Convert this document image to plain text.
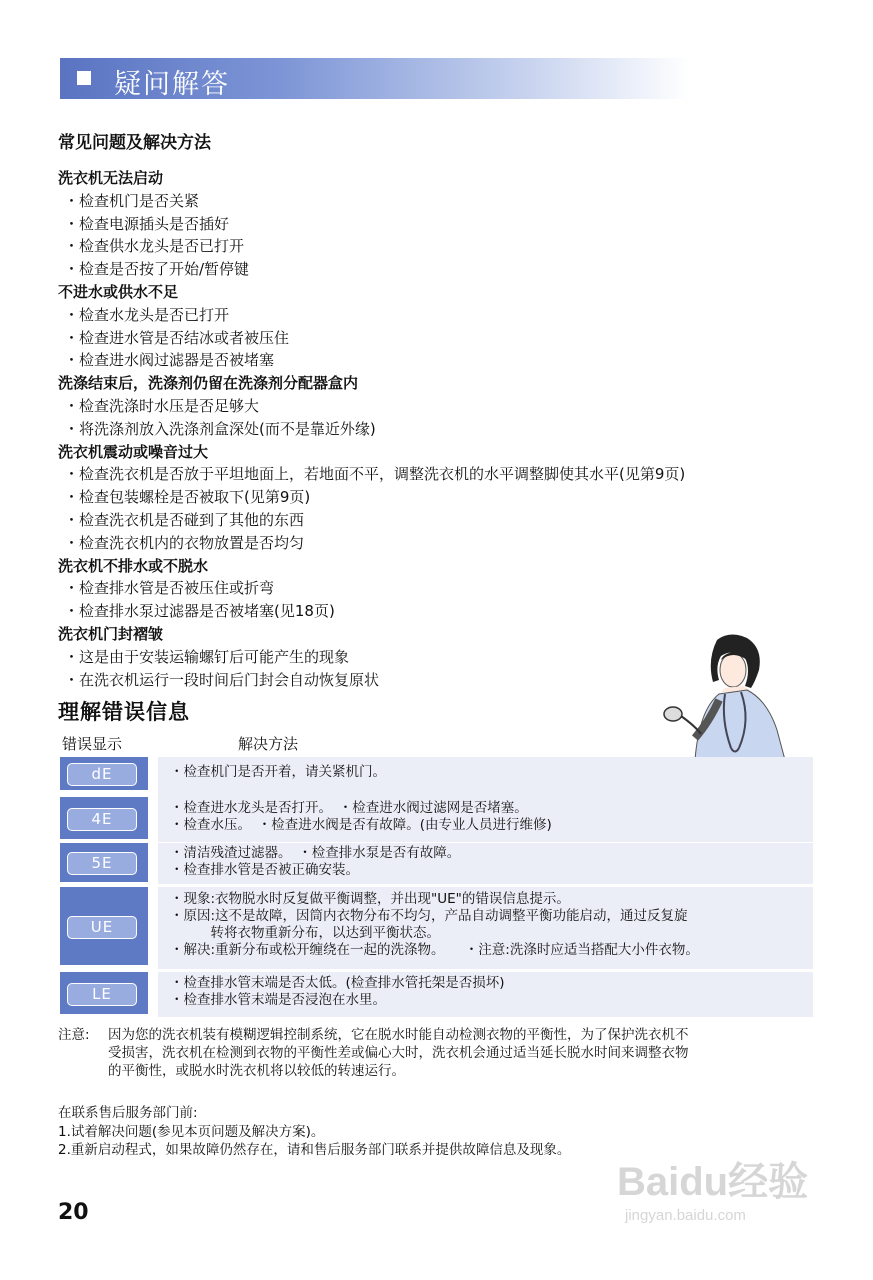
疑问解答
常见问题及解决方法
洗衣机无法启动
・检查机门是否关紧
・检查电源插头是否插好
・检查供水龙头是否已打开
・检查是否按了开始/暂停键
不进水或供水不足
・检查水龙头是否已打开
・检查进水管是否结冰或者被压住
・检查进水阀过滤器是否被堵塞
洗涤结束后，洗涤剂仍留在洗涤剂分配器盒内
・检查洗涤时水压是否足够大
・将洗涤剂放入洗涤剂盒深处(而不是靠近外缘)
洗衣机震动或噪音过大
・检查洗衣机是否放于平坦地面上，若地面不平，调整洗衣机的水平调整脚使其水平(见第9页)
・检查包装螺栓是否被取下(见第9页)
・检查洗衣机是否碰到了其他的东西
・检查洗衣机内的衣物放置是否均匀
洗衣机不排水或不脱水
・检查排水管是否被压住或折弯
・检查排水泵过滤器是否被堵塞(见18页)
洗衣机门封褶皱
・这是由于安装运输螺钉后可能产生的现象
・在洗衣机运行一段时间后门封会自动恢复原状
理解错误信息
错误显示	解决方法
dE	・检查机门是否开着，请关紧机门。
4E
・检查进水龙头是否打开。　・检查进水阀过滤网是否堵塞。
・检查水压。　・检查进水阀是否有故障。(由专业人员进行维修)
5E
・清洁残渣过滤器。　・检查排水泵是否有故障。
・检查排水管是否被正确安装。
UE
・现象:衣物脱水时反复做平衡调整，并出现"UE"的错误信息提示。
・原因:这不是故障，因筒内衣物分布不均匀，产品自动调整平衡功能启动，通过反复旋
　　　转将衣物重新分布，以达到平衡状态。
・解决:重新分布或松开缠绕在一起的洗涤物。　　・注意:洗涤时应适当搭配大小件衣物。
LE
・检查排水管末端是否太低。(检查排水管托架是否损坏)
・检查排水管末端是否浸泡在水里。
注意: 因为您的洗衣机装有模糊逻辑控制系统，它在脱水时能自动检测衣物的平衡性，为了保护洗衣机不
受损害，洗衣机在检测到衣物的平衡性差或偏心大时，洗衣机会通过适当延长脱水时间来调整衣物
的平衡性，或脱水时洗衣机将以较低的转速运行。
在联系售后服务部门前:
1.试着解决问题(参见本页问题及解决方案)。
2.重新启动程式，如果故障仍然存在，请和售后服务部门联系并提供故障信息及现象。
20
Baidu经验
jingyan.baidu.com
